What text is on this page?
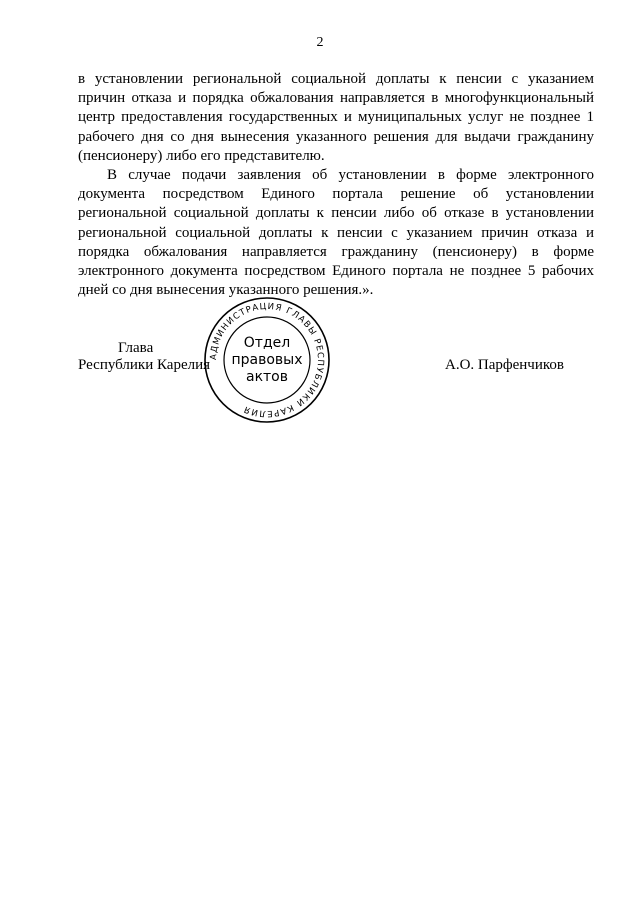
2

в установлении региональной социальной доплаты к пенсии с указанием причин отказа и порядка обжалования направляется в многофункциональный центр предоставления государственных и муниципальных услуг не позднее 1 рабочего дня со дня вынесения указанного решения для выдачи гражданину (пенсионеру) либо его представителю.

В случае подачи заявления об установлении в форме электронного документа посредством Единого портала решение об установлении региональной социальной доплаты к пенсии либо об отказе в установлении региональной социальной доплаты к пенсии с указанием причин отказа и порядка обжалования направляется гражданину (пенсионеру) в форме электронного документа посредством Единого портала не позднее 5 рабочих дней со дня вынесения указанного решения.».

Глава
Республики Карелия	А.О. Парфенчиков
АДМИНИСТРАЦИЯ ГЛАВЫ РЕСПУБЛИКИ КАРЕЛИЯ
Отдел
правовых
актов
